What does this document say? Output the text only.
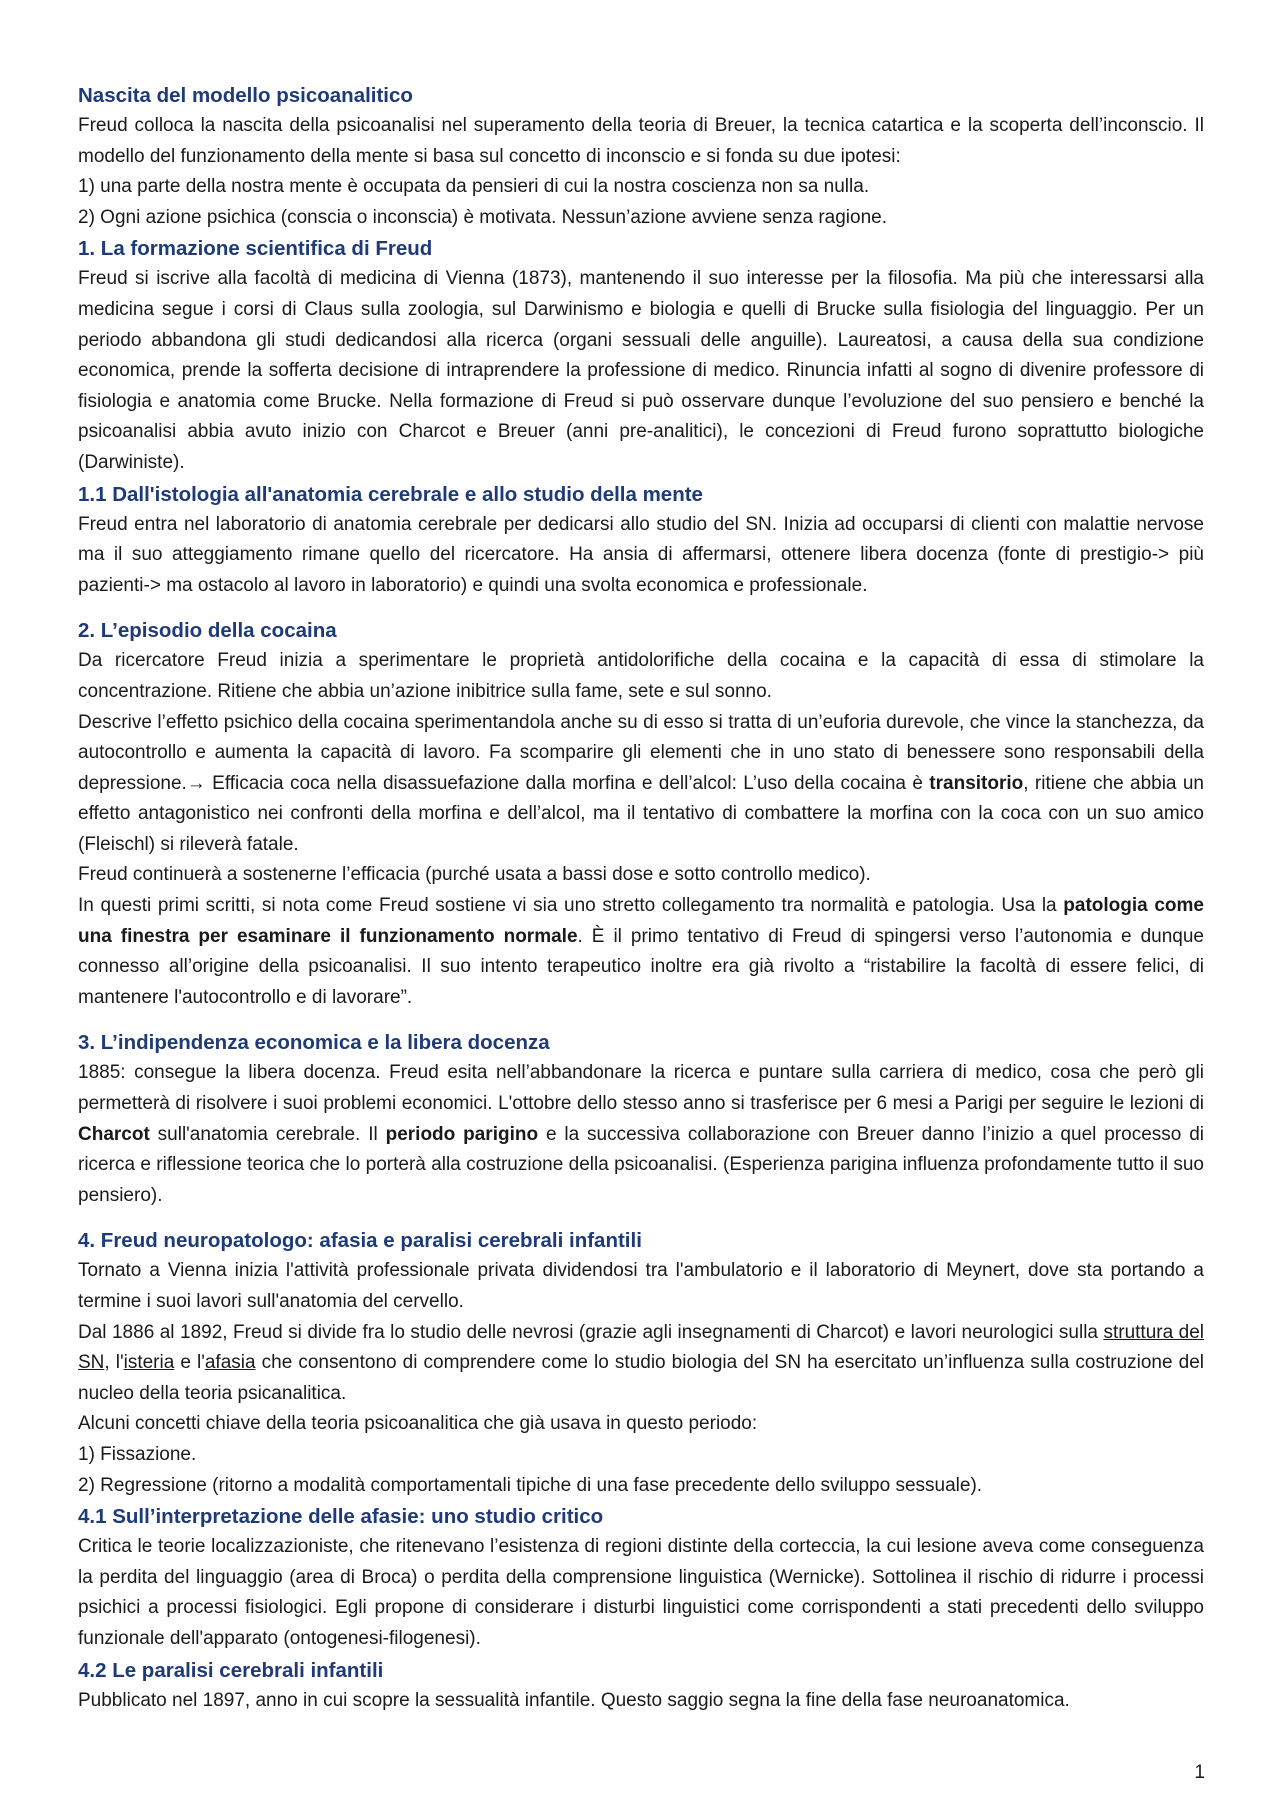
Nascita del modello psicoanalitico

Freud colloca la nascita della psicoanalisi nel superamento della teoria di Breuer, la tecnica catartica e la scoperta dell’inconscio. Il modello del funzionamento della mente si basa sul concetto di inconscio e si fonda su due ipotesi:

1) una parte della nostra mente è occupata da pensieri di cui la nostra coscienza non sa nulla.

2) Ogni azione psichica (conscia o inconscia) è motivata. Nessun’azione avviene senza ragione.

1. La formazione scientifica di Freud

Freud si iscrive alla facoltà di medicina di Vienna (1873), mantenendo il suo interesse per la filosofia. Ma più che interessarsi alla medicina segue i corsi di Claus sulla zoologia, sul Darwinismo e biologia e quelli di Brucke sulla fisiologia del linguaggio. Per un periodo abbandona gli studi dedicandosi alla ricerca (organi sessuali delle anguille). Laureatosi, a causa della sua condizione economica, prende la sofferta decisione di intraprendere la professione di medico. Rinuncia infatti al sogno di divenire professore di fisiologia e anatomia come Brucke. Nella formazione di Freud si può osservare dunque l’evoluzione del suo pensiero e benché la psicoanalisi abbia avuto inizio con Charcot e Breuer (anni pre-analitici), le concezioni di Freud furono soprattutto biologiche (Darwiniste).

1.1 Dall'istologia all'anatomia cerebrale e allo studio della mente

Freud entra nel laboratorio di anatomia cerebrale per dedicarsi allo studio del SN. Inizia ad occuparsi di clienti con malattie nervose ma il suo atteggiamento rimane quello del ricercatore. Ha ansia di affermarsi, ottenere libera docenza (fonte di prestigio-> più pazienti-> ma ostacolo al lavoro in laboratorio) e quindi una svolta economica e professionale.

2. L’episodio della cocaina

Da ricercatore Freud inizia a sperimentare le proprietà antidolorifiche della cocaina e la capacità di essa di stimolare la concentrazione. Ritiene che abbia un’azione inibitrice sulla fame, sete e sul sonno.

Descrive l’effetto psichico della cocaina sperimentandola anche su di esso si tratta di un’euforia durevole, che vince la stanchezza, da autocontrollo e aumenta la capacità di lavoro. Fa scomparire gli elementi che in uno stato di benessere sono responsabili della depressione.→ Efficacia coca nella disassuefazione dalla morfina e dell’alcol: L’uso della cocaina è transitorio, ritiene che abbia un effetto antagonistico nei confronti della morfina e dell’alcol, ma il tentativo di combattere la morfina con la coca con un suo amico (Fleischl) si rileverà fatale.

Freud continuerà a sostenerne l’efficacia (purché usata a bassi dose e sotto controllo medico).

In questi primi scritti, si nota come Freud sostiene vi sia uno stretto collegamento tra normalità e patologia. Usa la patologia come una finestra per esaminare il funzionamento normale. È il primo tentativo di Freud di spingersi verso l’autonomia e dunque connesso all’origine della psicoanalisi. Il suo intento terapeutico inoltre era già rivolto a “ristabilire la facoltà di essere felici, di mantenere l'autocontrollo e di lavorare”.

3. L’indipendenza economica e la libera docenza

1885: consegue la libera docenza. Freud esita nell’abbandonare la ricerca e puntare sulla carriera di medico, cosa che però gli permetterà di risolvere i suoi problemi economici. L'ottobre dello stesso anno si trasferisce per 6 mesi a Parigi per seguire le lezioni di Charcot sull'anatomia cerebrale. Il periodo parigino e la successiva collaborazione con Breuer danno l’inizio a quel processo di ricerca e riflessione teorica che lo porterà alla costruzione della psicoanalisi. (Esperienza parigina influenza profondamente tutto il suo pensiero).

4. Freud neuropatologo: afasia e paralisi cerebrali infantili

Tornato a Vienna inizia l'attività professionale privata dividendosi tra l'ambulatorio e il laboratorio di Meynert, dove sta portando a termine i suoi lavori sull'anatomia del cervello.

Dal 1886 al 1892, Freud si divide fra lo studio delle nevrosi (grazie agli insegnamenti di Charcot) e lavori neurologici sulla struttura del SN, l'isteria e l'afasia che consentono di comprendere come lo studio biologia del SN ha esercitato un’influenza sulla costruzione del nucleo della teoria psicanalitica.

Alcuni concetti chiave della teoria psicoanalitica che già usava in questo periodo:

1) Fissazione.

2) Regressione (ritorno a modalità comportamentali tipiche di una fase precedente dello sviluppo sessuale).

4.1 Sull’interpretazione delle afasie: uno studio critico

Critica le teorie localizzazioniste, che ritenevano l’esistenza di regioni distinte della corteccia, la cui lesione aveva come conseguenza la perdita del linguaggio (area di Broca) o perdita della comprensione linguistica (Wernicke). Sottolinea il rischio di ridurre i processi psichici a processi fisiologici. Egli propone di considerare i disturbi linguistici come corrispondenti a stati precedenti dello sviluppo funzionale dell'apparato (ontogenesi-filogenesi).

4.2 Le paralisi cerebrali infantili

Pubblicato nel 1897, anno in cui scopre la sessualità infantile. Questo saggio segna la fine della fase neuroanatomica.

1
